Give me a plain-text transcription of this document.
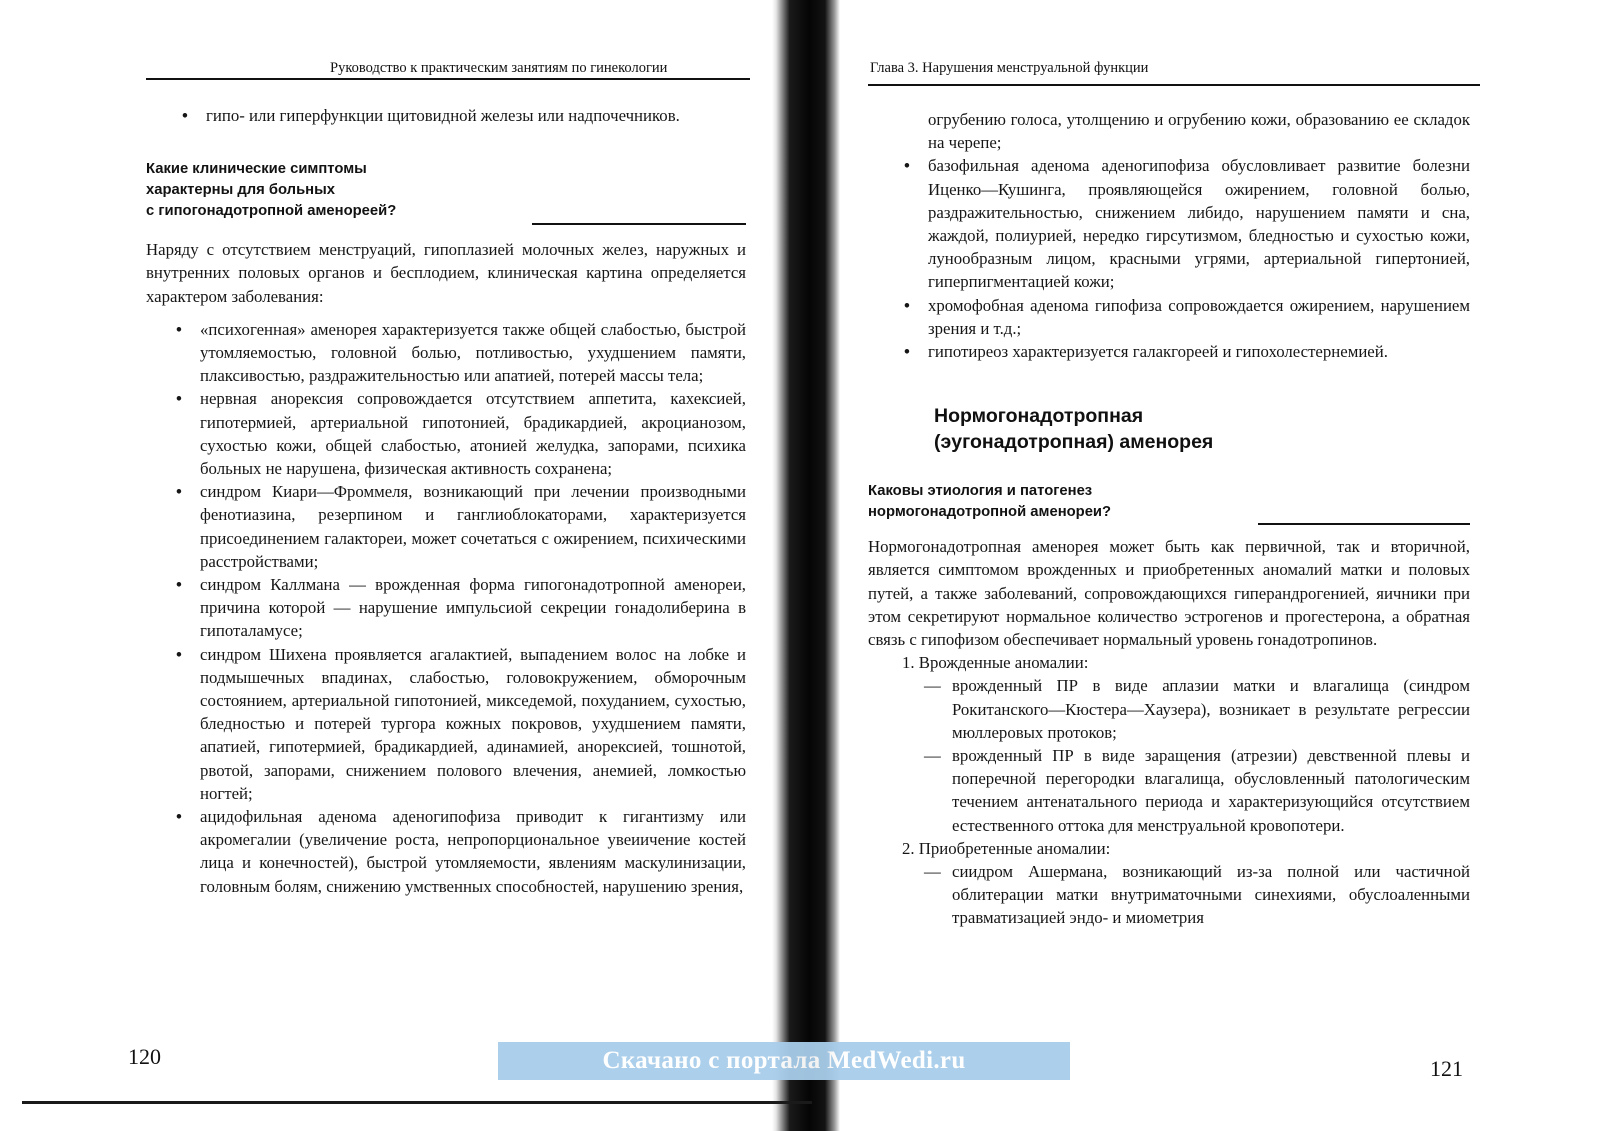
Руководство к практическим занятиям по гинекологии
• гипо- или гиперфункции щитовидной железы или надпочечников.
Какие клинические симптомы
характерны для больных
с гипогонадотропной аменореей?

Наряду с отсутствием менструаций, гипоплазией молочных желез, наружных и внутренних половых органов и бесплодием, клиническая картина определяется характером заболевания:

• «психогенная» аменорея характеризуется также общей слабостью, быстрой утомляемостью, головной болью, потливостью, ухудшением памяти, плаксивостью, раздражительностью или апатией, потерей массы тела;
• нервная анорексия сопровождается отсутствием аппетита, кахексией, гипотермией, артериальной гипотонией, брадикардией, акроцианозом, сухостью кожи, общей слабостью, атонией желудка, запорами, психика больных не нарушена, физическая активность сохранена;
• синдром Киари—Фроммеля, возникающий при лечении производными фенотиазина, резерпином и ганглиоблокаторами, характеризуется присоединением галактореи, может сочетаться с ожирением, психическими расстройствами;
• синдром Каллмана — врожденная форма гипогонадотропной аменореи, причина которой — нарушение импульсиой секреции гонадолиберина в гипоталамусе;
• синдром Шихена проявляется агалактией, выпадением волос на лобке и подмышечных впадинах, слабостью, головокружением, обморочным состоянием, артериальной гипотонией, микседемой, похуданием, сухостью, бледностью и потерей тургора кожных покровов, ухудшением памяти, апатией, гипотермией, брадикардией, адинамией, анорексией, тошнотой, рвотой, запорами, снижением полового влечения, анемией, ломкостью ногтей;
• ацидофильная аденома аденогипофиза приводит к гигантизму или акромегалии (увеличение роста, непропорциональное увеиичение костей лица и конечностей), быстрой утомляемости, явлениям маскулинизации, головным болям, снижению умственных способностей, нарушению зрения,
120
Глава 3. Нарушения менструальной функции

огрубению голоса, утолщению и огрубению кожи, образованию ее складок на черепе;

• базофильная аденома аденогипофиза обусловливает развитие болезни Иценко—Кушинга, проявляющейся ожирением, головной болью, раздражительностью, снижением либидо, нарушением памяти и сна, жаждой, полиурией, нередко гирсутизмом, бледностью и сухостью кожи, лунообразным лицом, красными угрями, артериальной гипертонией, гиперпигментацией кожи;
• хромофобная аденома гипофиза сопровождается ожирением, нарушением зрения и т.д.;
• гипотиреоз характеризуется галакгореей и гипохолестернемией.
Нормогонадотропная
(эугонадотропная) аменорея
Каковы этиология и патогенез
нормогонадотропной аменореи?

Нормогонадотропная аменорея может быть как первичной, так и вторичной, является симптомом врожденных и приобретенных аномалий матки и половых путей, а также заболеваний, сопровождающихся гиперандрогенией, яичники при этом секретируют нормальное количество эстрогенов и прогестерона, а обратная связь с гипофизом обеспечивает нормальный уровень гонадотропинов.

1. Врожденные аномалии:
— врожденный ПР в виде аплазии матки и влагалища (синдром Рокитанского—Кюстера—Хаузера), возникает в результате регрессии мюллеровых протоков;
— врожденный ПР в виде заращения (атрезии) девственной плевы и поперечной перегородки влагалища, обусловленный патологическим течением антенатального периода и характеризующийся отсутствием естественного оттока для менструальной кровопотери.
2. Приобретенные аномалии:
— сиидром Ашермана, возникающий из-за полной или частичной облитерации матки внутриматочными синехиями, обуслоаленными травматизацией эндо- и миометрия
121
Скачано с портала MedWedi.ru
